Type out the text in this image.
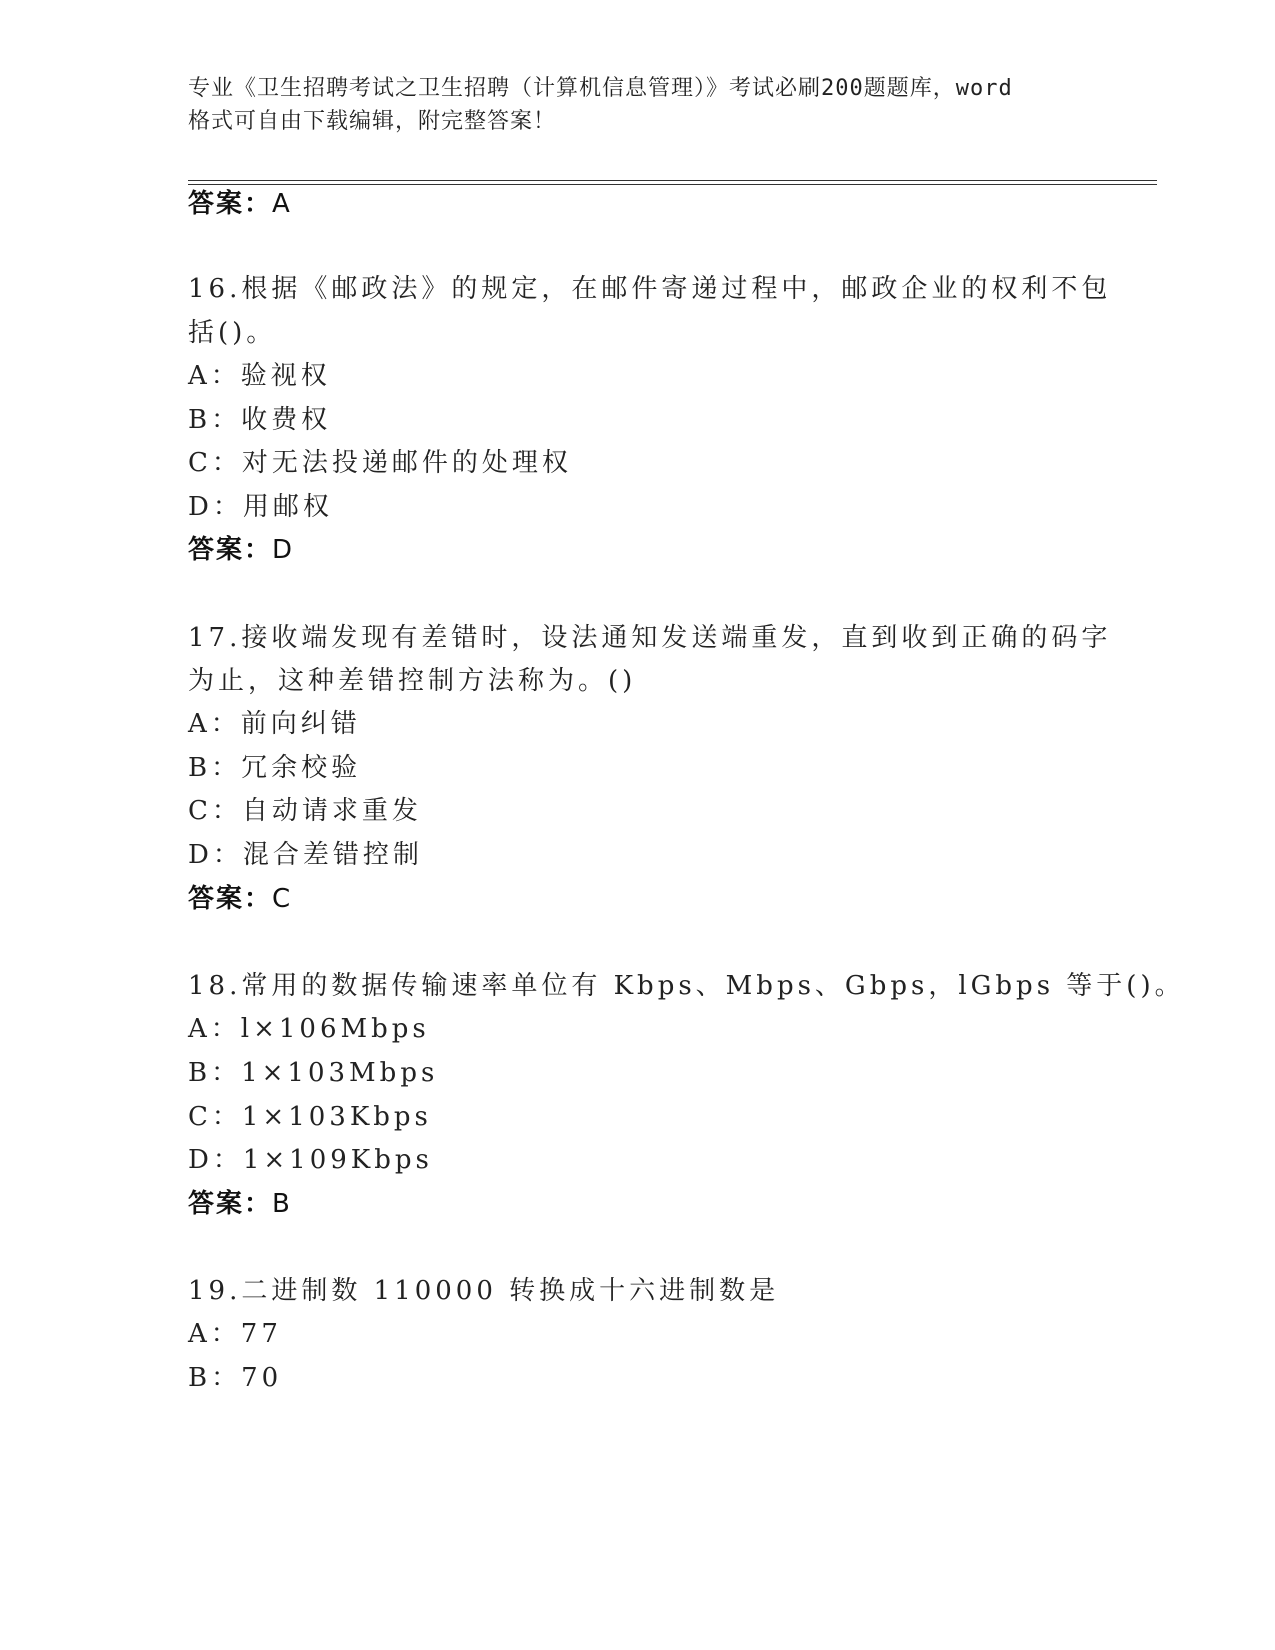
专业《卫生招聘考试之卫生招聘（计算机信息管理）》考试必刷200题题库，word
格式可自由下载编辑，附完整答案！
答案：A
16.根据《邮政法》的规定，在邮件寄递过程中，邮政企业的权利不包
括()。
A：验视权
B：收费权
C：对无法投递邮件的处理权
D：用邮权
答案：D
17.接收端发现有差错时，设法通知发送端重发，直到收到正确的码字
为止，这种差错控制方法称为。()
A：前向纠错
B：冗余校验
C：自动请求重发
D：混合差错控制
答案：C
18.常用的数据传输速率单位有 Kbps、Mbps、Gbps，lGbps 等于()。
A：l×106Mbps
B：1×103Mbps
C：1×103Kbps
D：1×109Kbps
答案：B
19.二进制数 110000 转换成十六进制数是
A：77
B：70
